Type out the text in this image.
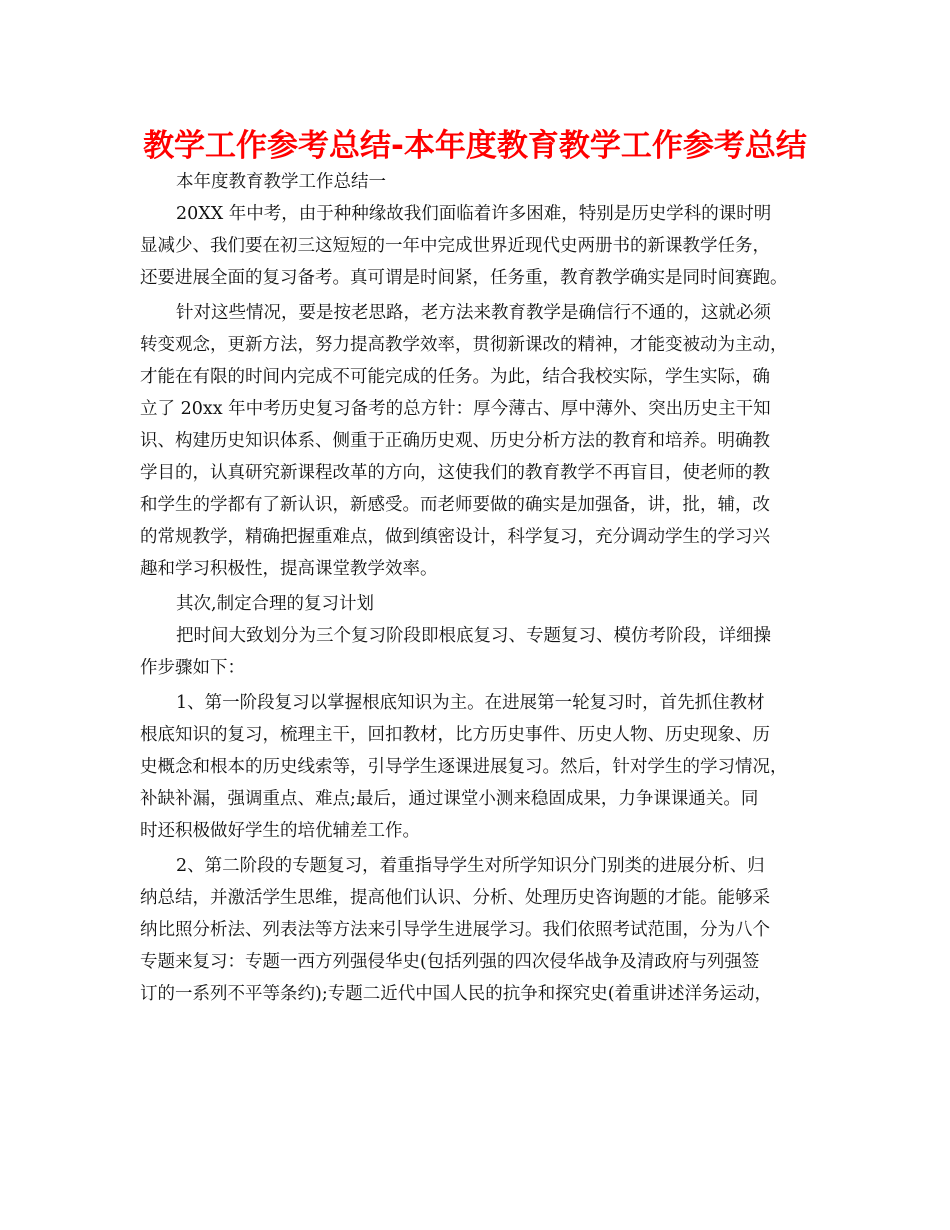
教学工作参考总结-本年度教育教学工作参考总结
本年度教育教学工作总结一
20XX 年中考，由于种种缘故我们面临着许多困难，特别是历史学科的课时明
显减少、我们要在初三这短短的一年中完成世界近现代史两册书的新课教学任务，
还要进展全面的复习备考。真可谓是时间紧，任务重，教育教学确实是同时间赛跑。
针对这些情况，要是按老思路，老方法来教育教学是确信行不通的，这就必须
转变观念，更新方法，努力提高教学效率，贯彻新课改的精神，才能变被动为主动，
才能在有限的时间内完成不可能完成的任务。为此，结合我校实际，学生实际，确
立了 20xx 年中考历史复习备考的总方针：厚今薄古、厚中薄外、突出历史主干知
识、构建历史知识体系、侧重于正确历史观、历史分析方法的教育和培养。明确教
学目的，认真研究新课程改革的方向，这使我们的教育教学不再盲目，使老师的教
和学生的学都有了新认识，新感受。而老师要做的确实是加强备，讲，批，辅，改
的常规教学，精确把握重难点，做到缜密设计，科学复习，充分调动学生的学习兴
趣和学习积极性，提高课堂教学效率。
其次,制定合理的复习计划
把时间大致划分为三个复习阶段即根底复习、专题复习、模仿考阶段，详细操
作步骤如下：
1、第一阶段复习以掌握根底知识为主。在进展第一轮复习时，首先抓住教材
根底知识的复习，梳理主干，回扣教材，比方历史事件、历史人物、历史现象、历
史概念和根本的历史线索等，引导学生逐课进展复习。然后，针对学生的学习情况，
补缺补漏，强调重点、难点;最后，通过课堂小测来稳固成果，力争课课通关。同
时还积极做好学生的培优辅差工作。
2、第二阶段的专题复习，着重指导学生对所学知识分门别类的进展分析、归
纳总结，并激活学生思维，提高他们认识、分析、处理历史咨询题的才能。能够采
纳比照分析法、列表法等方法来引导学生进展学习。我们依照考试范围，分为八个
专题来复习：专题一西方列强侵华史(包括列强的四次侵华战争及清政府与列强签
订的一系列不平等条约);专题二近代中国人民的抗争和探究史(着重讲述洋务运动，
